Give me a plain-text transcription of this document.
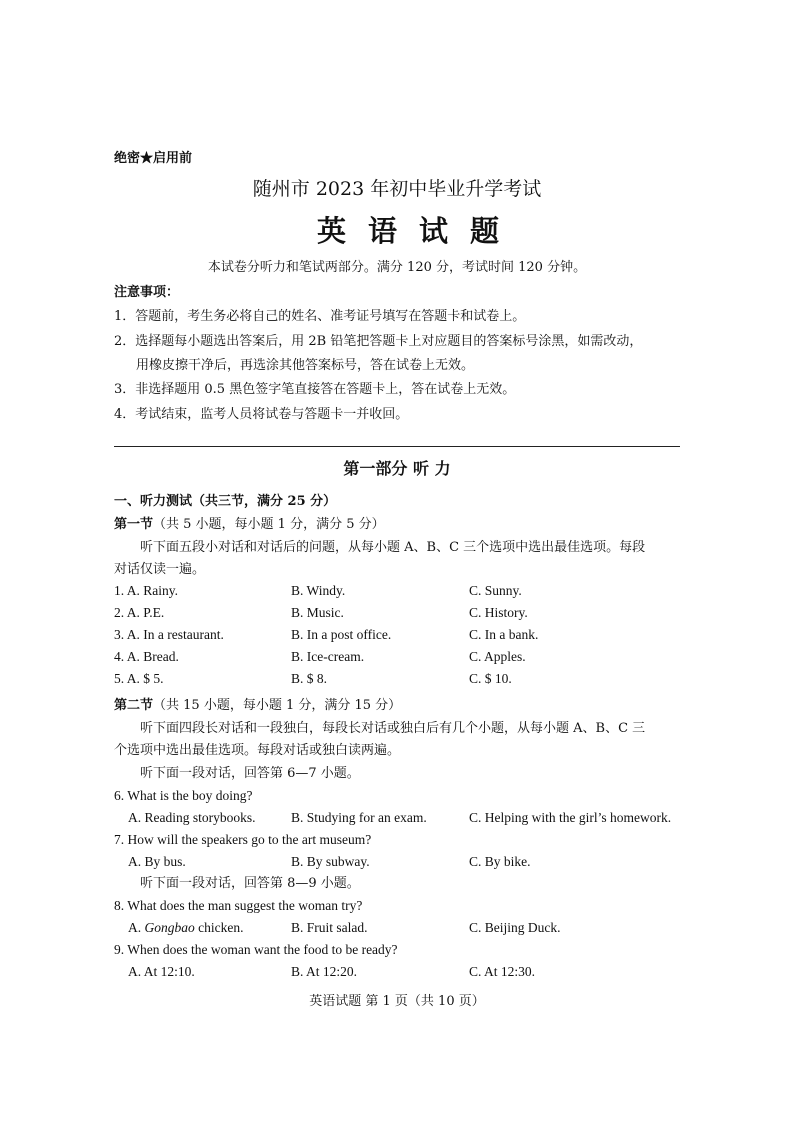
绝密★启用前
随州市 2023 年初中毕业升学考试
英语试题
本试卷分听力和笔试两部分。满分 120 分，考试时间 120 分钟。
注意事项：
1．答题前，考生务必将自己的姓名、准考证号填写在答题卡和试卷上。
2．选择题每小题选出答案后，用 2B 铅笔把答题卡上对应题目的答案标号涂黑，如需改动，
用橡皮擦干净后，再选涂其他答案标号，答在试卷上无效。
3．非选择题用 0.5 黑色签字笔直接答在答题卡上，答在试卷上无效。
4．考试结束，监考人员将试卷与答题卡一并收回。
第一部分 听 力
一、听力测试（共三节，满分 25 分）
第一节（共 5 小题，每小题 1 分，满分 5 分）
听下面五段小对话和对话后的问题，从每小题 A、B、C 三个选项中选出最佳选项。每段
对话仅读一遍。
1. A. Rainy.	B. Windy.	C. Sunny.
2. A. P.E.	B. Music.	C. History.
3. A. In a restaurant.	B. In a post office.	C. In a bank.
4. A. Bread.	B. Ice-cream.	C. Apples.
5. A. $ 5.	B. $ 8.	C. $ 10.
第二节（共 15 小题，每小题 1 分，满分 15 分）
听下面四段长对话和一段独白，每段长对话或独白后有几个小题，从每小题 A、B、C 三
个选项中选出最佳选项。每段对话或独白读两遍。
听下面一段对话，回答第 6—7 小题。
6. What is the boy doing?
A. Reading storybooks.	B. Studying for an exam.	C. Helping with the girl’s homework.
7. How will the speakers go to the art museum?
A. By bus.	B. By subway.	C. By bike.
听下面一段对话，回答第 8—9 小题。
8. What does the man suggest the woman try?
A. Gongbao chicken.	B. Fruit salad.	C. Beijing Duck.
9. When does the woman want the food to be ready?
A. At 12:10.	B. At 12:20.	C. At 12:30.
英语试题 第 1 页（共 10 页）
